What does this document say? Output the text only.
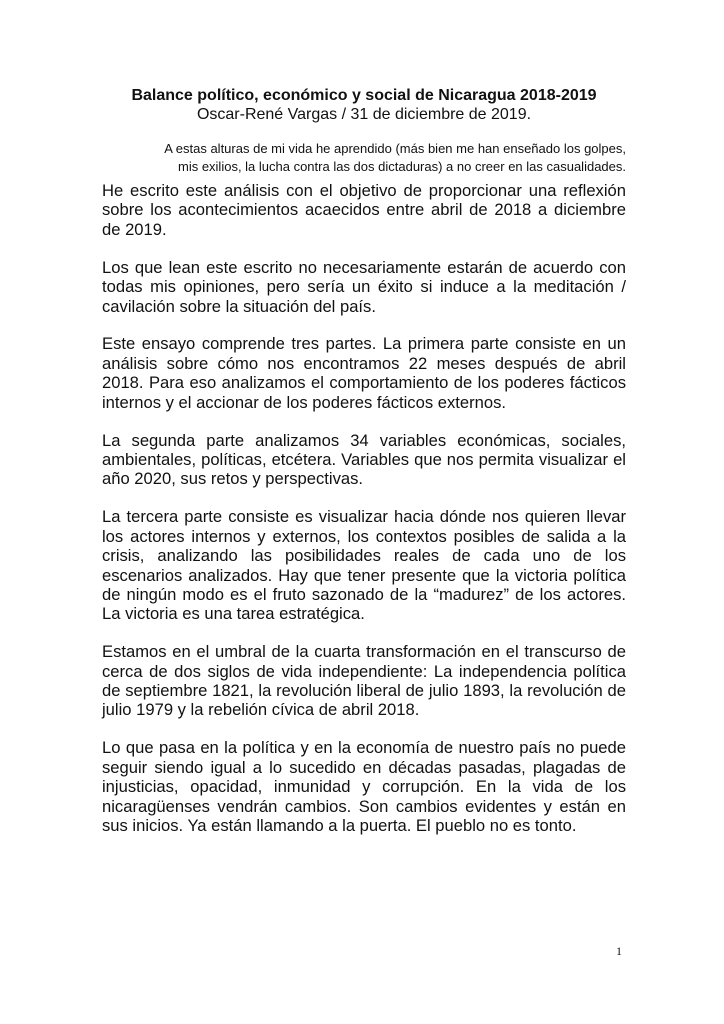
Balance político, económico y social de Nicaragua 2018-2019
Oscar-René Vargas / 31 de diciembre de 2019.
A estas alturas de mi vida he aprendido (más bien me han enseñado los golpes, mis exilios, la lucha contra las dos dictaduras) a no creer en las casualidades.

He escrito este análisis con el objetivo de proporcionar una reflexión sobre los acontecimientos acaecidos entre abril de 2018 a diciembre de 2019.

Los que lean este escrito no necesariamente estarán de acuerdo con todas mis opiniones, pero sería un éxito si induce a la meditación / cavilación sobre la situación del país.

Este ensayo comprende tres partes. La primera parte consiste en un análisis sobre cómo nos encontramos 22 meses después de abril 2018. Para eso analizamos el comportamiento de los poderes fácticos internos y el accionar de los poderes fácticos externos.

La segunda parte analizamos 34 variables económicas, sociales, ambientales, políticas, etcétera. Variables que nos permita visualizar el año 2020, sus retos y perspectivas.

La tercera parte consiste es visualizar hacia dónde nos quieren llevar los actores internos y externos, los contextos posibles de salida a la crisis, analizando las posibilidades reales de cada uno de los escenarios analizados. Hay que tener presente que la victoria política de ningún modo es el fruto sazonado de la “madurez” de los actores. La victoria es una tarea estratégica.

Estamos en el umbral de la cuarta transformación en el transcurso de cerca de dos siglos de vida independiente: La independencia política de septiembre 1821, la revolución liberal de julio 1893, la revolución de julio 1979 y la rebelión cívica de abril 2018.

Lo que pasa en la política y en la economía de nuestro país no puede seguir siendo igual a lo sucedido en décadas pasadas, plagadas de injusticias, opacidad, inmunidad y corrupción. En la vida de los nicaragüenses vendrán cambios. Son cambios evidentes y están en sus inicios. Ya están llamando a la puerta. El pueblo no es tonto.

1
